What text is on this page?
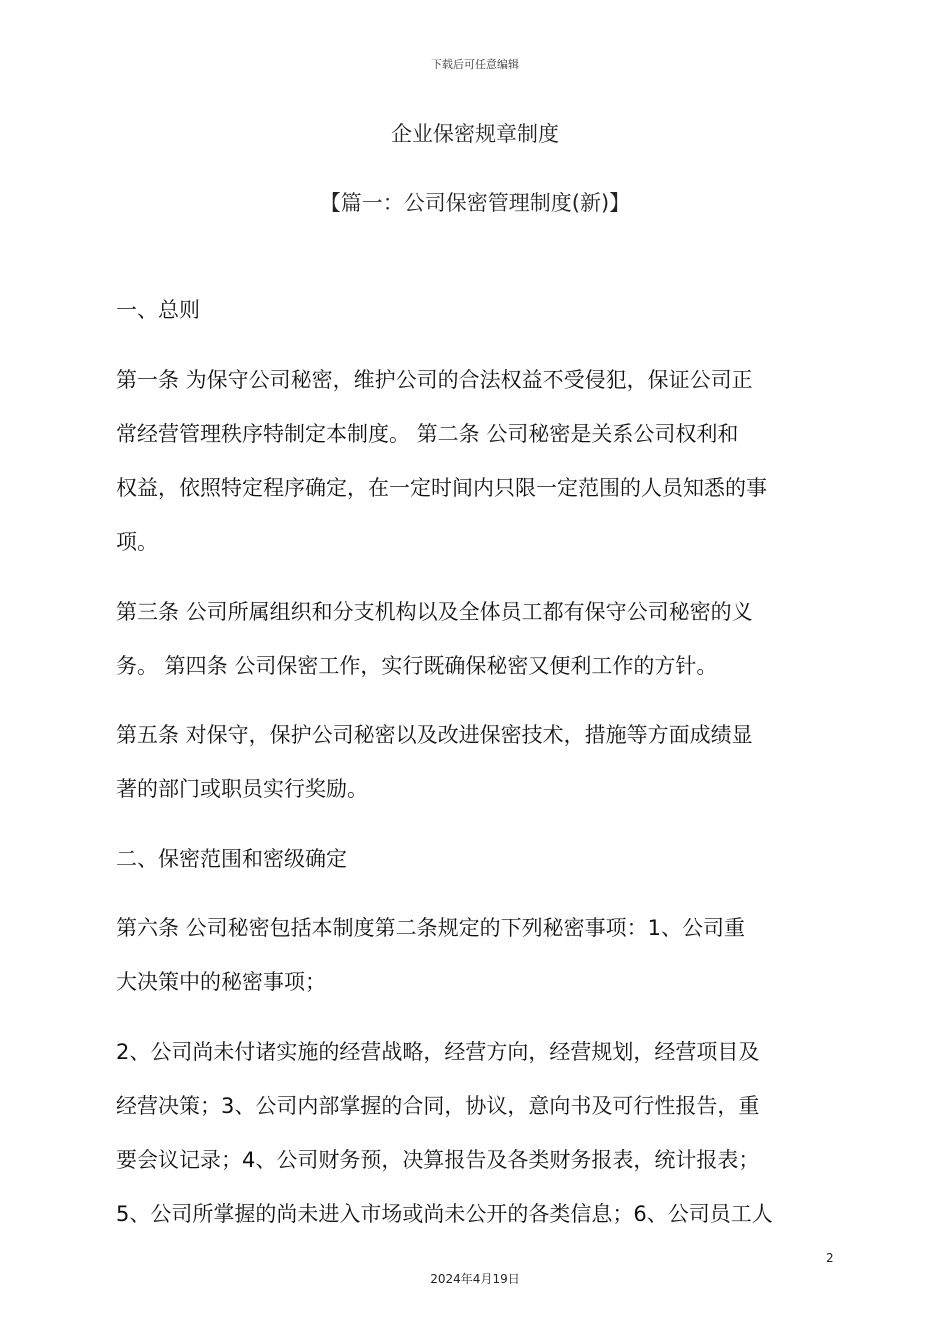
下载后可任意编辑
企业保密规章制度
【篇一：公司保密管理制度(新)】
一、总则
第一条 为保守公司秘密，维护公司的合法权益不受侵犯，保证公司正
常经营管理秩序特制定本制度。 第二条 公司秘密是关系公司权利和
权益，依照特定程序确定，在一定时间内只限一定范围的人员知悉的事
项。
第三条 公司所属组织和分支机构以及全体员工都有保守公司秘密的义
务。 第四条 公司保密工作，实行既确保秘密又便利工作的方针。
第五条 对保守，保护公司秘密以及改进保密技术，措施等方面成绩显
著的部门或职员实行奖励。
二、保密范围和密级确定
第六条 公司秘密包括本制度第二条规定的下列秘密事项：1、公司重
大决策中的秘密事项；
2、公司尚未付诸实施的经营战略，经营方向，经营规划，经营项目及
经营决策；3、公司内部掌握的合同，协议，意向书及可行性报告，重
要会议记录；4、公司财务预，决算报告及各类财务报表，统计报表；
5、公司所掌握的尚未进入市场或尚未公开的各类信息；6、公司员工人
2
2024年4月19日
